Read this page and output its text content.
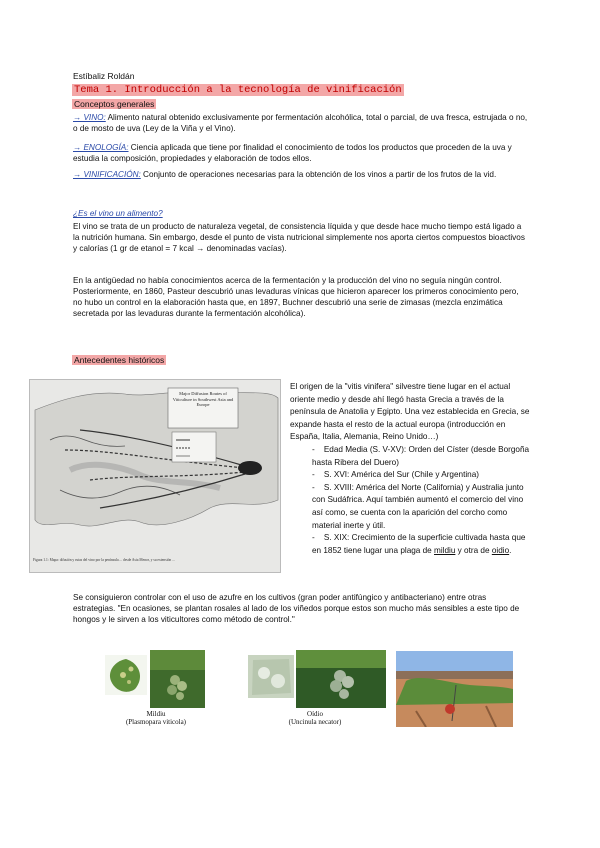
Estíbaliz Roldán
Tema 1. Introducción a la tecnología de vinificación
Conceptos generales

→ VINO: Alimento natural obtenido exclusivamente por fermentación alcohólica, total o parcial, de uva fresca, estrujada o no, o de mosto de uva (Ley de la Viña y el Vino).

→ ENOLOGÍA: Ciencia aplicada que tiene por finalidad el conocimiento de todos los productos que proceden de la uva y estudia la composición, propiedades y elaboración de todos ellos.

→ VINIFICACIÓN: Conjunto de operaciones necesarias para la obtención de los vinos a partir de los frutos de la vid.

¿Es el vino un alimento?

El vino se trata de un producto de naturaleza vegetal, de consistencia líquida y que desde hace mucho tiempo está ligado a la nutrición humana. Sin embargo, desde el punto de vista nutricional simplemente nos aporta ciertos compuestos bioactivos y calorías (1 gr de etanol = 7 kcal → denominadas vacías).

En la antigüedad no había conocimientos acerca de la fermentación y la producción del vino no seguía ningún control. Posteriormente, en 1860, Pasteur descubrió unas levaduras vínicas que hicieron aparecer los primeros conocimiento pero, no hubo un control en la elaboración hasta que, en 1897, Buchner descubrió una serie de zimasas (mezcla enzimática secretada por las levaduras durante la fermentación alcohólica).

Antecedentes históricos
Major Diffusion Routes of Viticulture in Southwest Asia and Europe
Figura 1.1: Mapa: difusión y rutas del vino por la península ... desde Asia Menor, y su extensión ...
El origen de la "vitis vinifera" silvestre tiene lugar en el actual oriente medio y desde ahí llegó hasta Grecia a través de la península de Anatolia y Egipto. Una vez establecida en Grecia, se expande hasta el resto de la actual europa (introducción en España, Italia, Alemania, Reino Unido…)
- Edad Media (S. V-XV): Orden del Císter (desde Borgoña hasta Ribera del Duero)
- S. XVI: América del Sur (Chile y Argentina)
- S. XVIII: América del Norte (California) y Australia junto con Sudáfrica. Aquí también aumentó el comercio del vino así como, se cuenta con la aparición del corcho como material inerte y útil.
- S. XIX: Crecimiento de la superficie cultivada hasta que en 1852 tiene lugar una plaga de mildiu y otra de oidio.

Se consiguieron controlar con el uso de azufre en los cultivos (gran poder antifúngico y antibacteriano) entre otras estrategias. "En ocasiones, se plantan rosales al lado de los viñedos porque estos son mucho más sensibles a este tipo de hongos y le sirven a los viticultores como método de control."

Mildiu
(Plasmopara viticola)
Oídio
(Uncinula necator)
